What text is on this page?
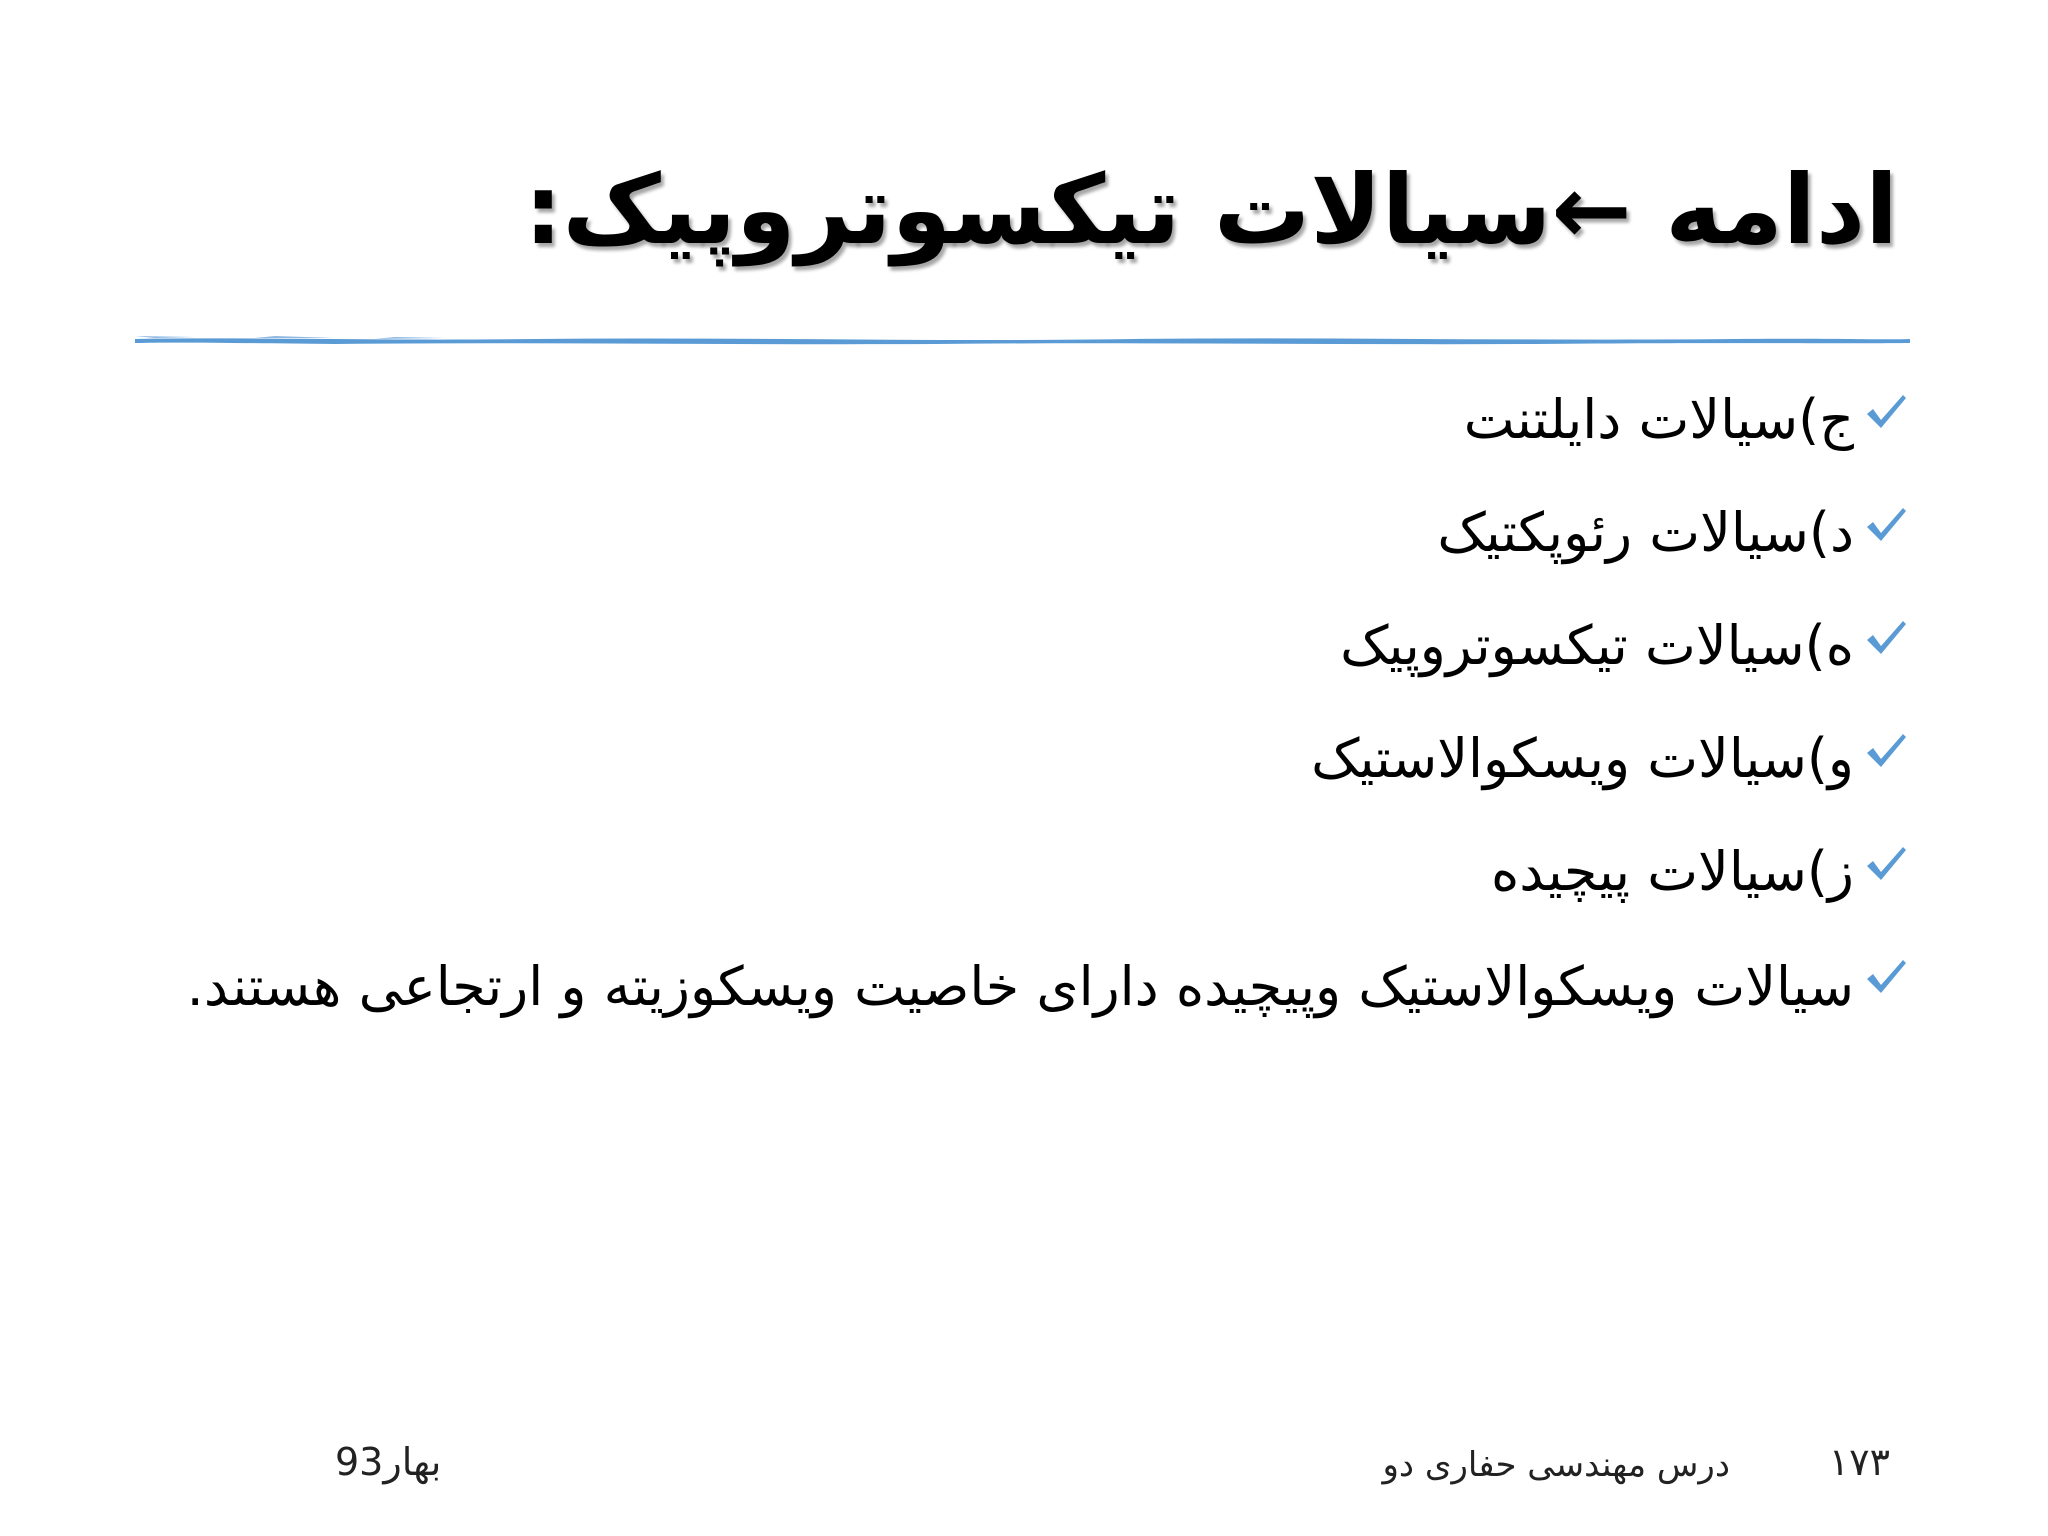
ادامه ←سیالات تیکسوتروپیک:
ج)سیالات دایلتنت
د)سیالات رئوپکتیک
ه)سیالات تیکسوتروپیک
و)سیالات ویسکوالاستیک
ز)سیالات پیچیده
سیالات ویسکوالاستیک وپیچیده دارای خاصیت ویسکوزیته و ارتجاعی هستند.
۱۷۳
درس مهندسی حفاری دو
بهار93
